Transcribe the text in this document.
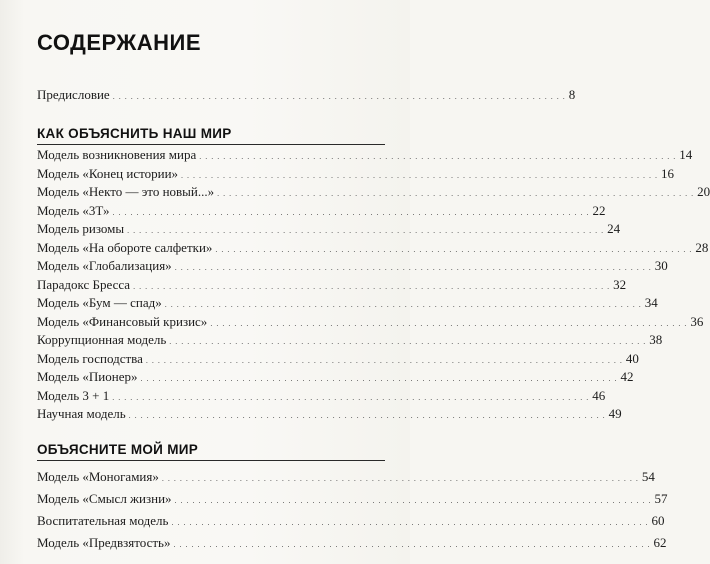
СОДЕРЖАНИЕ
Предисловие . . . . . . . . . . . . . . . . . . . . . . . . . . . . . . . . . . . . . . . . . . . . . . . . . . . . . . . . . . . . . . . . . . . . . . . . . . . . 8
КАК ОБЪЯСНИТЬ НАШ МИР
Модель возникновения мира . . . . . . . . . . . . . . . . . . . . . . . . . . . . . . . . . . . . . . . . . . . . . . . . . . . . . . . . . . . . . . . . . . . . . . . . . . . . . . . . 14
Модель «Конец истории» . . . . . . . . . . . . . . . . . . . . . . . . . . . . . . . . . . . . . . . . . . . . . . . . . . . . . . . . . . . . . . . . . . . . . . . . . . . . . . . . 16
Модель «Некто — это новый...» . . . . . . . . . . . . . . . . . . . . . . . . . . . . . . . . . . . . . . . . . . . . . . . . . . . . . . . . . . . . . . . . . . . . . . . . . . . . . . . . 20
Модель «3Т» . . . . . . . . . . . . . . . . . . . . . . . . . . . . . . . . . . . . . . . . . . . . . . . . . . . . . . . . . . . . . . . . . . . . . . . . . . . . . . . . 22
Модель ризомы . . . . . . . . . . . . . . . . . . . . . . . . . . . . . . . . . . . . . . . . . . . . . . . . . . . . . . . . . . . . . . . . . . . . . . . . . . . . . . . . 24
Модель «На обороте салфетки» . . . . . . . . . . . . . . . . . . . . . . . . . . . . . . . . . . . . . . . . . . . . . . . . . . . . . . . . . . . . . . . . . . . . . . . . . . . . . . . . 28
Модель «Глобализация» . . . . . . . . . . . . . . . . . . . . . . . . . . . . . . . . . . . . . . . . . . . . . . . . . . . . . . . . . . . . . . . . . . . . . . . . . . . . . . . . 30
Парадокс Бресса . . . . . . . . . . . . . . . . . . . . . . . . . . . . . . . . . . . . . . . . . . . . . . . . . . . . . . . . . . . . . . . . . . . . . . . . . . . . . . . . 32
Модель «Бум — спад» . . . . . . . . . . . . . . . . . . . . . . . . . . . . . . . . . . . . . . . . . . . . . . . . . . . . . . . . . . . . . . . . . . . . . . . . . . . . . . . . 34
Модель «Финансовый кризис» . . . . . . . . . . . . . . . . . . . . . . . . . . . . . . . . . . . . . . . . . . . . . . . . . . . . . . . . . . . . . . . . . . . . . . . . . . . . . . . . 36
Коррупционная модель . . . . . . . . . . . . . . . . . . . . . . . . . . . . . . . . . . . . . . . . . . . . . . . . . . . . . . . . . . . . . . . . . . . . . . . . . . . . . . . . 38
Модель господства . . . . . . . . . . . . . . . . . . . . . . . . . . . . . . . . . . . . . . . . . . . . . . . . . . . . . . . . . . . . . . . . . . . . . . . . . . . . . . . . 40
Модель «Пионер» . . . . . . . . . . . . . . . . . . . . . . . . . . . . . . . . . . . . . . . . . . . . . . . . . . . . . . . . . . . . . . . . . . . . . . . . . . . . . . . . 42
Модель 3 + 1 . . . . . . . . . . . . . . . . . . . . . . . . . . . . . . . . . . . . . . . . . . . . . . . . . . . . . . . . . . . . . . . . . . . . . . . . . . . . . . . . 46
Научная модель . . . . . . . . . . . . . . . . . . . . . . . . . . . . . . . . . . . . . . . . . . . . . . . . . . . . . . . . . . . . . . . . . . . . . . . . . . . . . . . . 49
ОБЪЯСНИТЕ МОЙ МИР
Модель «Моногамия» . . . . . . . . . . . . . . . . . . . . . . . . . . . . . . . . . . . . . . . . . . . . . . . . . . . . . . . . . . . . . . . . . . . . . . . . . . . . . . . . 54
Модель «Смысл жизни» . . . . . . . . . . . . . . . . . . . . . . . . . . . . . . . . . . . . . . . . . . . . . . . . . . . . . . . . . . . . . . . . . . . . . . . . . . . . . . . . 57
Воспитательная модель . . . . . . . . . . . . . . . . . . . . . . . . . . . . . . . . . . . . . . . . . . . . . . . . . . . . . . . . . . . . . . . . . . . . . . . . . . . . . . . . 60
Модель «Предвзятость» . . . . . . . . . . . . . . . . . . . . . . . . . . . . . . . . . . . . . . . . . . . . . . . . . . . . . . . . . . . . . . . . . . . . . . . . . . . . . . . . 62
